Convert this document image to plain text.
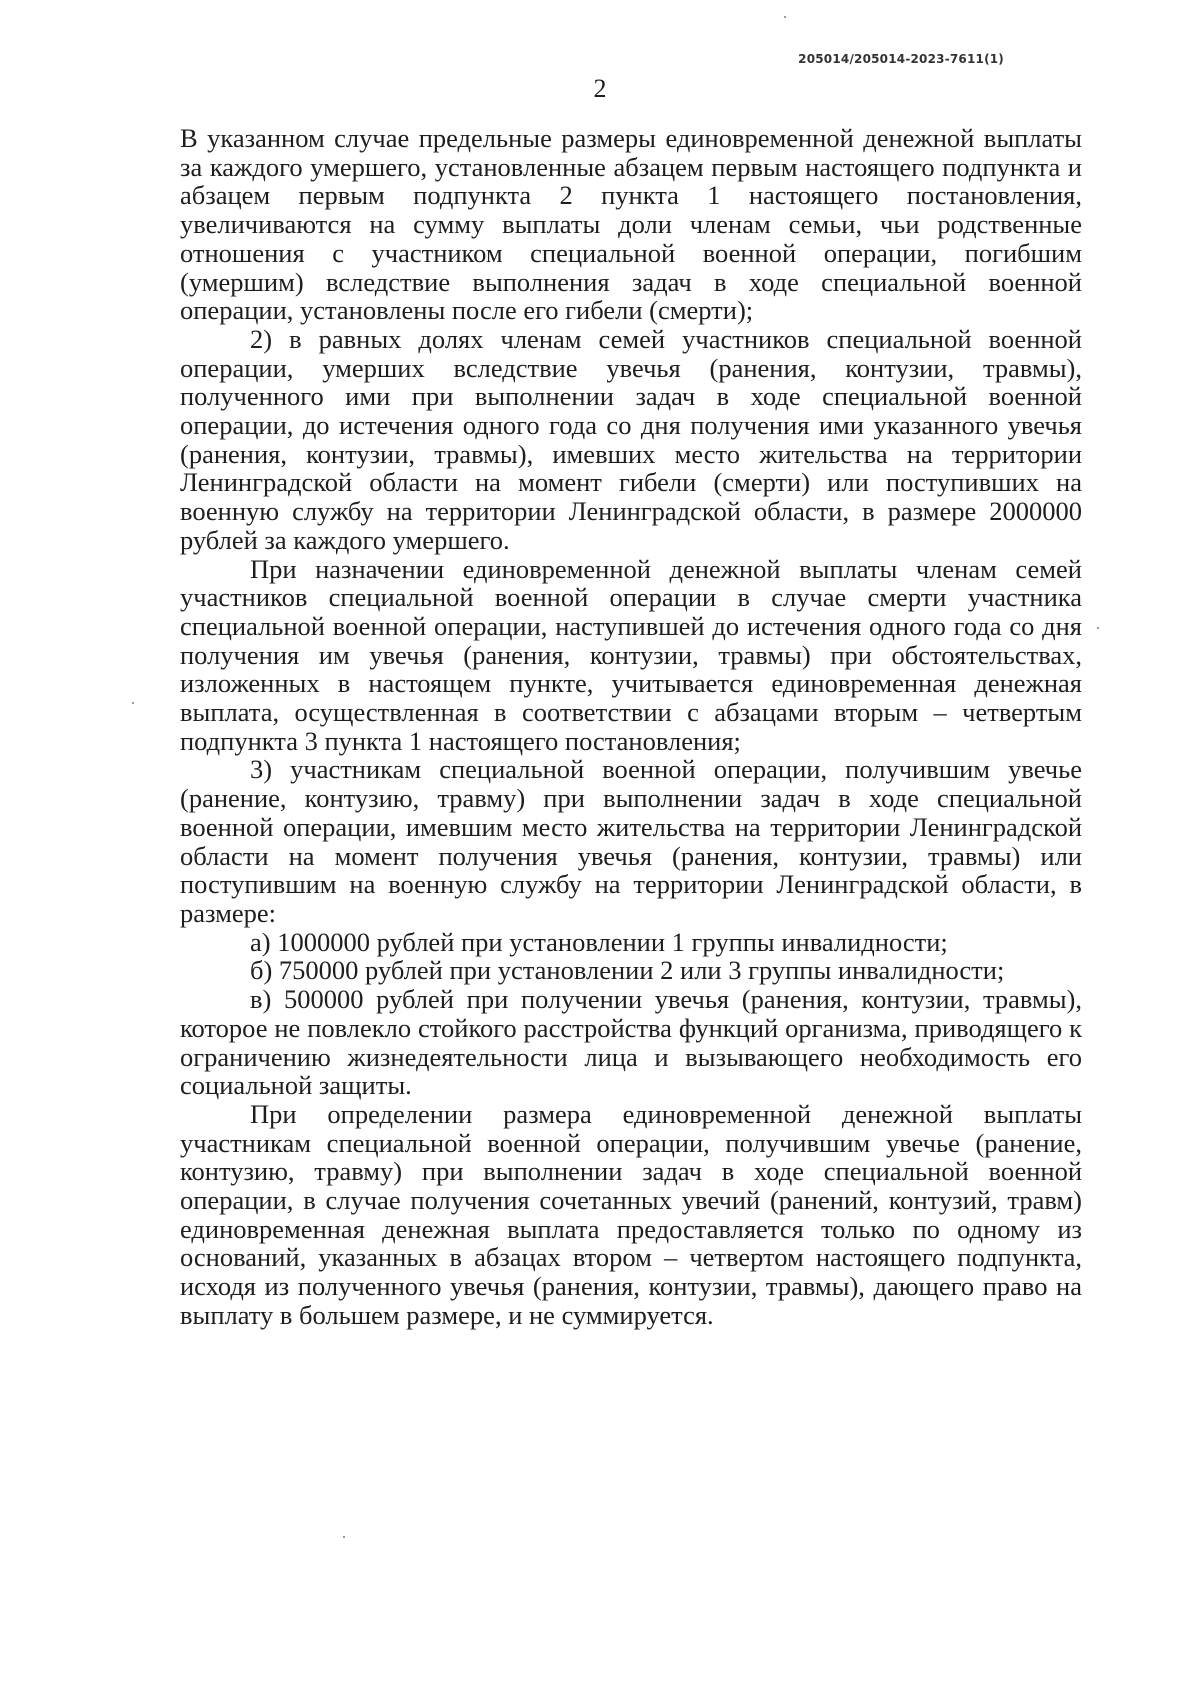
205014/205014-2023-7611(1)
2

В указанном случае предельные размеры единовременной денежной выплаты за каждого умершего, установленные абзацем первым настоящего подпункта и абзацем первым подпункта 2 пункта 1 настоящего постановления, увеличиваются на сумму выплаты доли членам семьи, чьи родственные отношения с участником специальной военной операции, погибшим (умершим) вследствие выполнения задач в ходе специальной военной операции, установлены после его гибели (смерти);

2) в равных долях членам семей участников специальной военной операции, умерших вследствие увечья (ранения, контузии, травмы), полученного ими при выполнении задач в ходе специальной военной операции, до истечения одного года со дня получения ими указанного увечья (ранения, контузии, травмы), имевших место жительства на территории Ленинградской области на момент гибели (смерти) или поступивших на военную службу на территории Ленинградской области, в размере 2000000 рублей за каждого умершего.

При назначении единовременной денежной выплаты членам семей участников специальной военной операции в случае смерти участника специальной военной операции, наступившей до истечения одного года со дня получения им увечья (ранения, контузии, травмы) при обстоятельствах, изложенных в настоящем пункте, учитывается единовременная денежная выплата, осуществленная в соответствии с абзацами вторым – четвертым подпункта 3 пункта 1 настоящего постановления;

3) участникам специальной военной операции, получившим увечье (ранение, контузию, травму) при выполнении задач в ходе специальной военной операции, имевшим место жительства на территории Ленинградской области на момент получения увечья (ранения, контузии, травмы) или поступившим на военную службу на территории Ленинградской области, в размере:

а) 1000000 рублей при установлении 1 группы инвалидности;

б) 750000 рублей при установлении 2 или 3 группы инвалидности;

в) 500000 рублей при получении увечья (ранения, контузии, травмы), которое не повлекло стойкого расстройства функций организма, приводящего к ограничению жизнедеятельности лица и вызывающего необходимость его социальной защиты.

При определении размера единовременной денежной выплаты участникам специальной военной операции, получившим увечье (ранение, контузию, травму) при выполнении задач в ходе специальной военной операции, в случае получения сочетанных увечий (ранений, контузий, травм) единовременная денежная выплата предоставляется только по одному из оснований, указанных в абзацах втором – четвертом настоящего подпункта, исходя из полученного увечья (ранения, контузии, травмы), дающего право на выплату в большем размере, и не суммируется.
